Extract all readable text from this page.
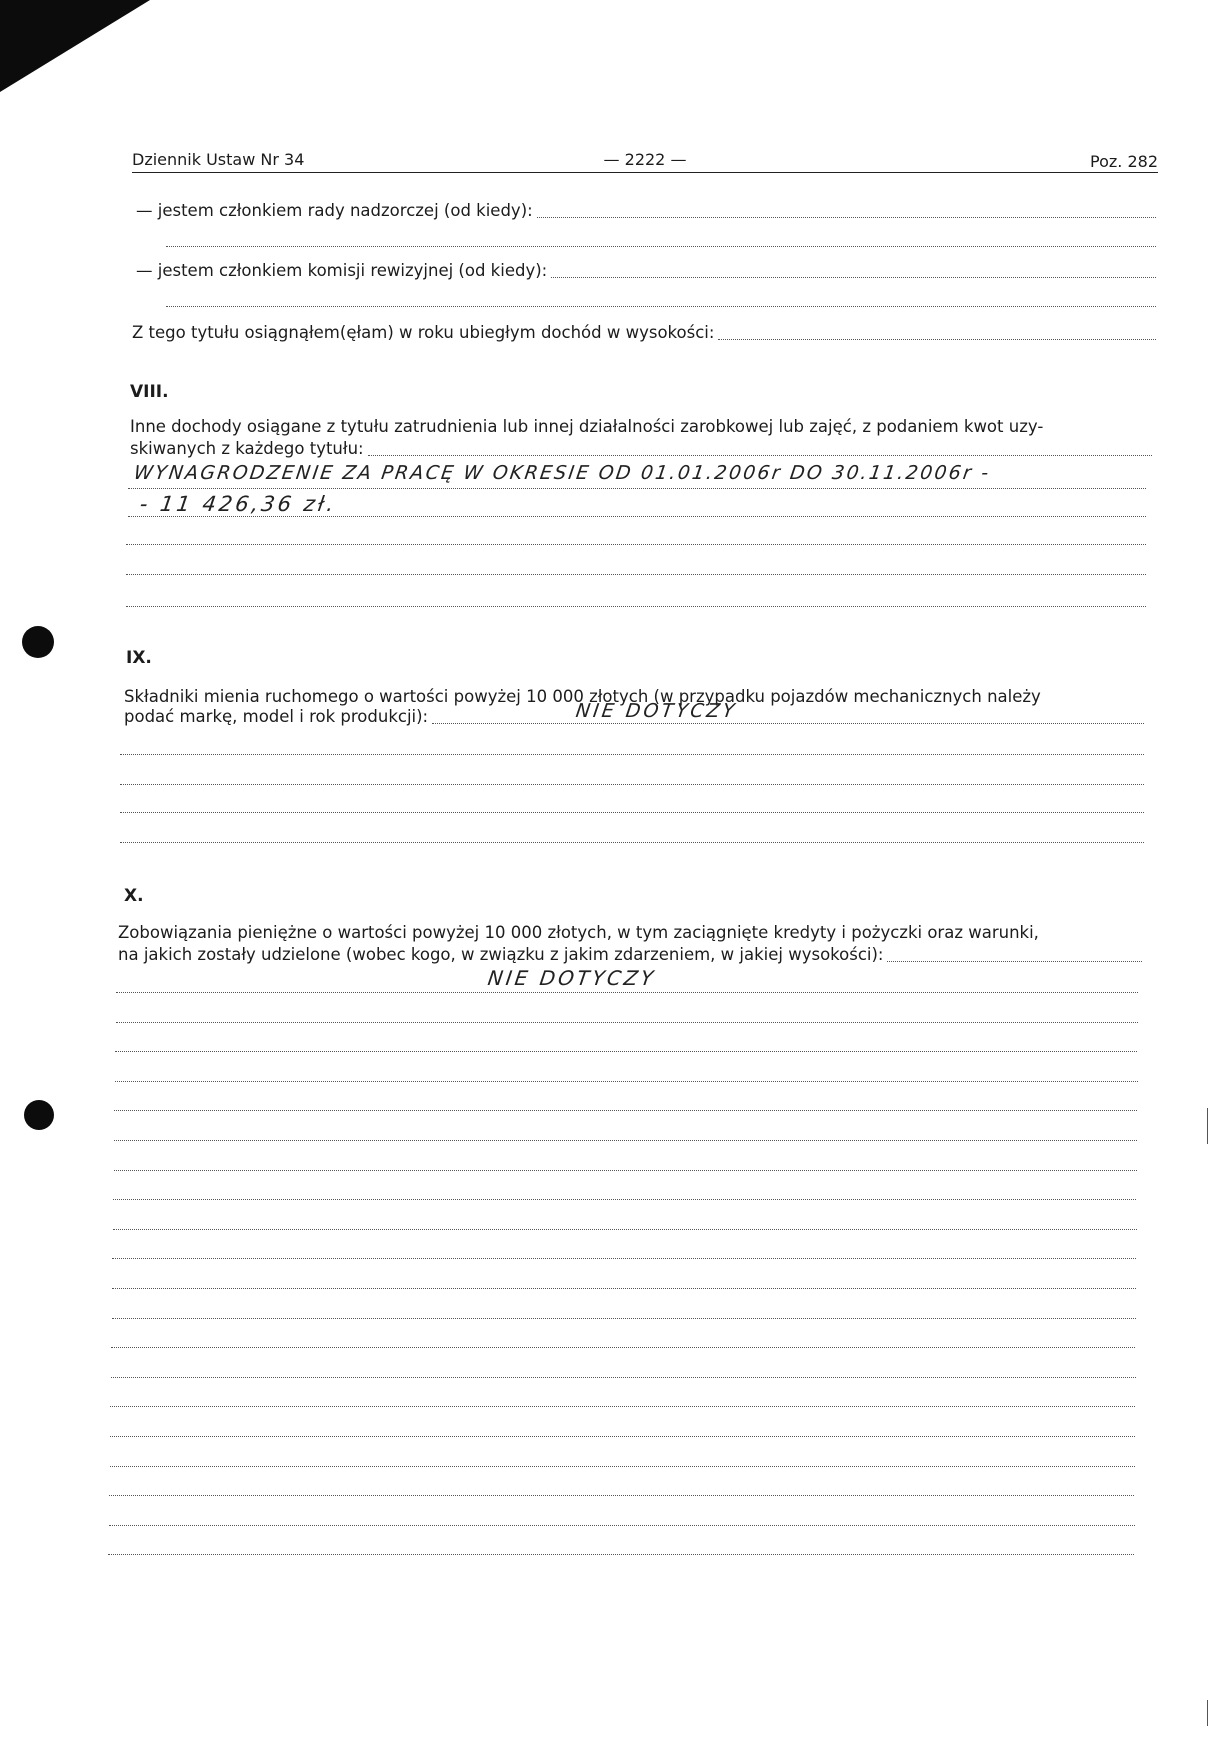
Dziennik Ustaw Nr 34	— 2222 —	Poz. 282
— jestem członkiem rady nadzorczej (od kiedy):
— jestem członkiem komisji rewizyjnej (od kiedy):
Z tego tytułu osiągnąłem(ęłam) w roku ubiegłym dochód w wysokości:
VIII.
Inne dochody osiągane z tytułu zatrudnienia lub innej działalności zarobkowej lub zajęć, z podaniem kwot uzy-
skiwanych z każdego tytułu:
WYNAGRODZENIE ZA PRACĘ W OKRESIE OD 01.01.2006r DO 30.11.2006r -
- 11 426,36 zł.
IX.
Składniki mienia ruchomego o wartości powyżej 10 000 złotych (w przypadku pojazdów mechanicznych należy
podać markę, model i rok produkcji):	NIE DOTYCZY
X.
Zobowiązania pieniężne o wartości powyżej 10 000 złotych, w tym zaciągnięte kredyty i pożyczki oraz warunki,
na jakich zostały udzielone (wobec kogo, w związku z jakim zdarzeniem, w jakiej wysokości):
NIE DOTYCZY
